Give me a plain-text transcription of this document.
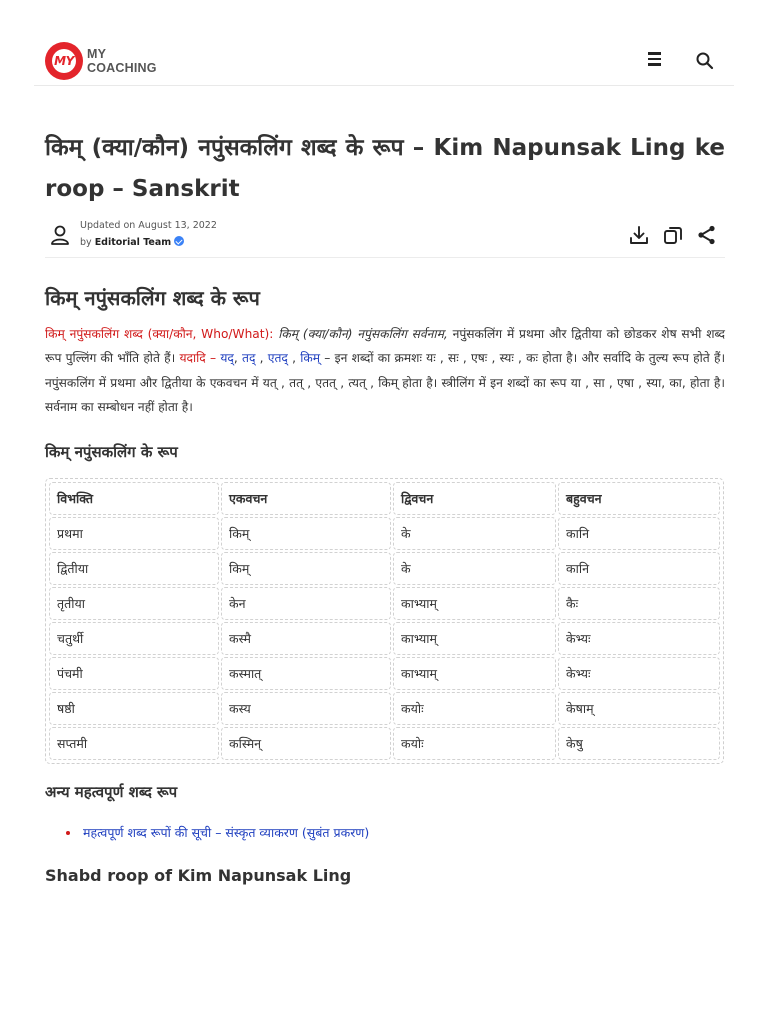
MY	MY
COACHING
किम् (क्या/कौन) नपुंसकलिंग शब्द के रूप – Kim Napunsak Ling ke roop – Sanskrit
Updated on August 13, 2022
by Editorial Team
किम् नपुंसकलिंग शब्द के रूप

किम् नपुंसकलिंग शब्द (क्या/कौन, Who/What): किम् (क्या/कौन) नपुंसकलिंग सर्वनाम, नपुंसकलिंग में प्रथमा और द्वितीया को छोडकर शेष सभी शब्द रूप पुल्लिंग की भाँति होते हैं। यदादि – यद्, तद् , एतद् , किम् – इन शब्दों का क्रमशः यः , सः , एषः , स्यः , कः होता है। और सर्वादि के तुल्य रूप होते हैं। नपुंसकलिंग में प्रथमा और द्वितीया के एकवचन में यत् , तत् , एतत् , त्यत् , किम् होता है। स्त्रीलिंग में इन शब्दों का रूप या , सा , एषा , स्या, का, होता है। सर्वनाम का सम्बोधन नहीं होता है।

किम् नपुंसकलिंग के रूप
विभक्ति	एकवचन	द्विवचन	बहुवचन
प्रथमा	किम्	के	कानि
द्वितीया	किम्	के	कानि
तृतीया	केन	काभ्याम्	कैः
चतुर्थी	कस्मै	काभ्याम्	केभ्यः
पंचमी	कस्मात्	काभ्याम्	केभ्यः
षष्ठी	कस्य	कयोः	केषाम्
सप्तमी	कस्मिन्	कयोः	केषु
अन्य महत्वपूर्ण शब्द रूप
महत्वपूर्ण शब्द रूपों की सूची – संस्कृत व्याकरण (सुबंत प्रकरण)
Shabd roop of Kim Napunsak Ling
